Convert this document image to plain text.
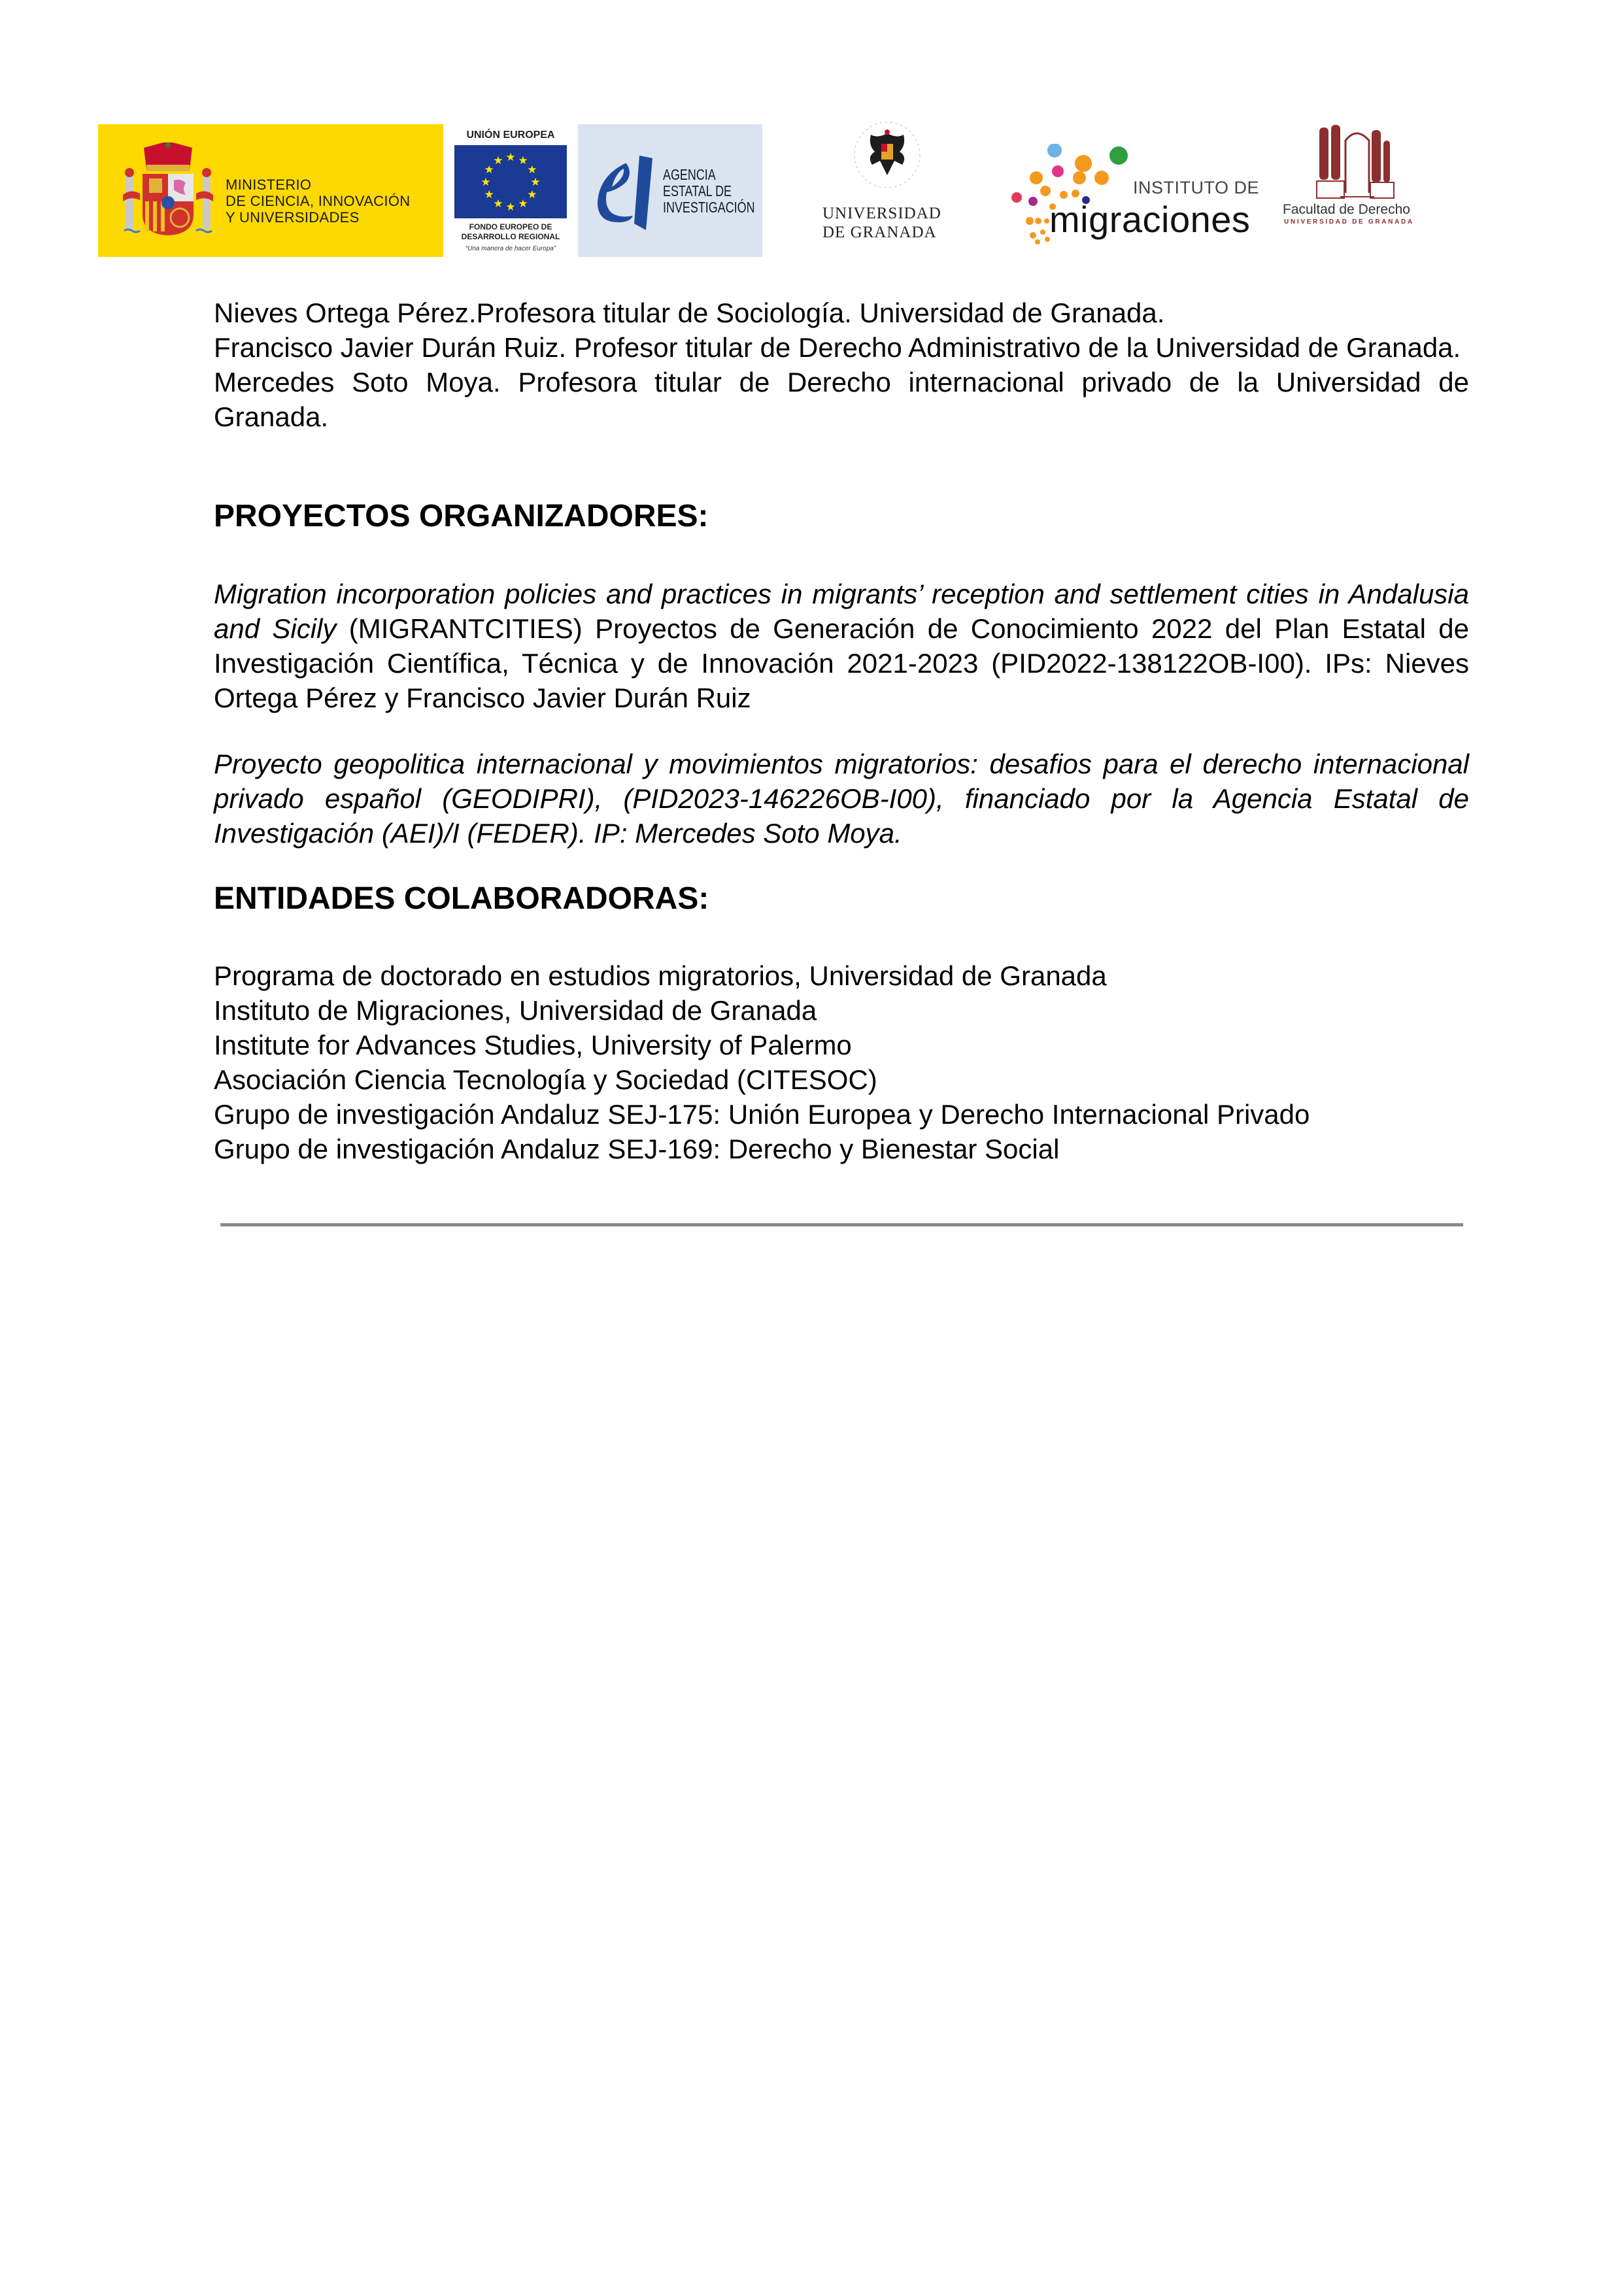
MINISTERIO
DE CIENCIA, INNOVACIÓN
Y UNIVERSIDADES
UNIÓN EUROPEA
★ ★
★
★
★
★
★
★
★
★
★
★
FONDO EUROPEO DE
DESARROLLO REGIONAL
“Una manera de hacer Europa”
AGENCIA
ESTATAL DE
INVESTIGACIÓN	UNIVERSIDAD
DE GRANADA
INSTITUTO DE
migraciones Facultad de Derecho
UNIVERSIDAD DE GRANADA
Nieves Ortega Pérez.Profesora titular de Sociología. Universidad de Granada.
Francisco Javier Durán Ruiz. Profesor titular de Derecho Administrativo de la Universidad de Granada.
Mercedes Soto Moya. Profesora titular de Derecho internacional privado de la Universidad de Granada.
PROYECTOS ORGANIZADORES:
Migration incorporation policies and practices in migrants’ reception and settlement cities in Andalusia and Sicily (MIGRANTCITIES) Proyectos de Generación de Conocimiento 2022 del Plan Estatal de Investigación Científica, Técnica y de Innovación 2021-2023 (PID2022-138122OB-I00). IPs: Nieves Ortega Pérez y Francisco Javier Durán Ruiz
Proyecto geopolitica internacional y movimientos migratorios: desafios para el derecho internacional privado español (GEODIPRI), (PID2023-146226OB-I00), financiado por la Agencia Estatal de Investigación (AEI)/I (FEDER). IP: Mercedes Soto Moya.
ENTIDADES COLABORADORAS:
Programa de doctorado en estudios migratorios, Universidad de Granada
Instituto de Migraciones, Universidad de Granada
Institute for Advances Studies, University of Palermo
Asociación Ciencia Tecnología y Sociedad (CITESOC)
Grupo de investigación Andaluz SEJ-175: Unión Europea y Derecho Internacional Privado
Grupo de investigación Andaluz SEJ-169: Derecho y Bienestar Social
